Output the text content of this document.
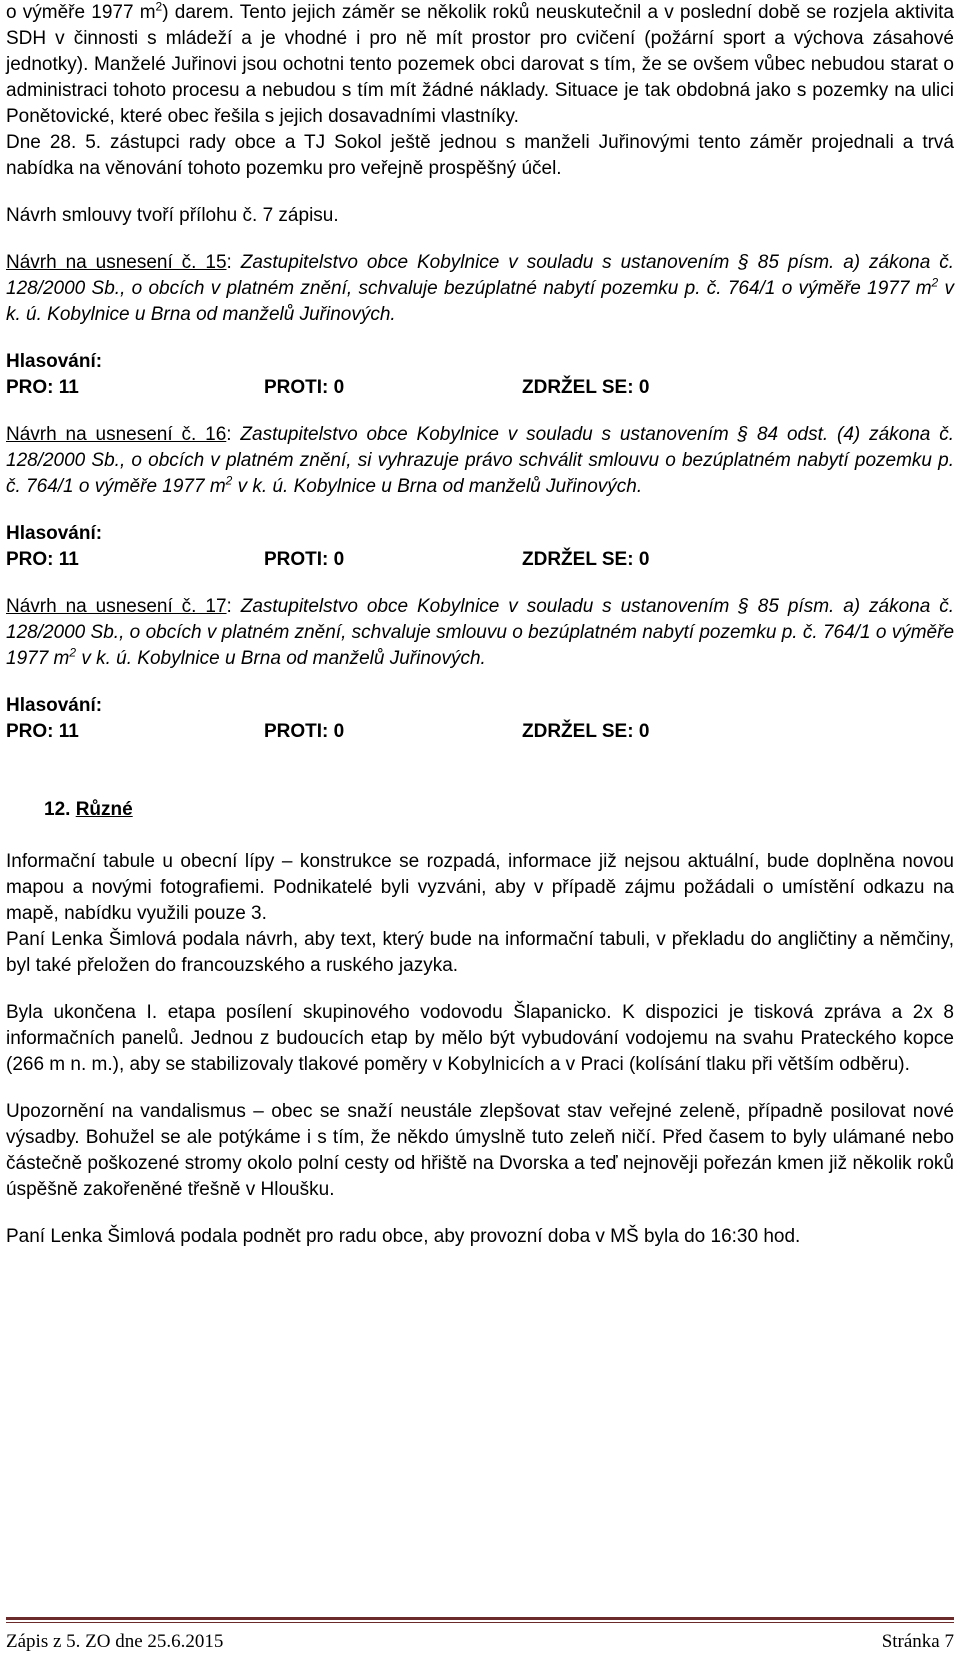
o výměře 1977 $m^2$) darem. Tento jejich záměr se několik roků neuskutečnil a v poslední době se rozjela aktivita SDH v činnosti s mládeží a je vhodné i pro ně mít prostor pro cvičení (požární sport a výchova zásahové jednotky). Manželé Juřinovi jsou ochotni tento pozemek obci darovat s tím, že se ovšem vůbec nebudou starat o administraci tohoto procesu a nebudou s tím mít žádné náklady. Situace je tak obdobná jako s pozemky na ulici Ponětovické, které obec řešila s jejich dosavadními vlastníky.

Dne 28. 5. zástupci rady obce a TJ Sokol ještě jednou s manželi Juřinovými tento záměr projednali a trvá nabídka na věnování tohoto pozemku pro veřejně prospěšný účel.

Návrh smlouvy tvoří přílohu č. 7 zápisu.

Návrh na usnesení č. 15: Zastupitelstvo obce Kobylnice v souladu s ustanovením § 85 písm. a) zákona č. 128/2000 Sb., o obcích v platném znění, schvaluje bezúplatné nabytí pozemku p. č. 764/1 o výměře 1977 $m^2$ v k. ú. Kobylnice u Brna od manželů Juřinových.

Hlasování:
PRO: 11	PROTI: 0	ZDRŽEL SE: 0

Návrh na usnesení č. 16: Zastupitelstvo obce Kobylnice v souladu s ustanovením § 84 odst. (4) zákona č. 128/2000 Sb., o obcích v platném znění, si vyhrazuje právo schválit smlouvu o bezúplatném nabytí pozemku p. č. 764/1 o výměře 1977 $m^2$ v k. ú. Kobylnice u Brna od manželů Juřinových.

Hlasování:
PRO: 11	PROTI: 0	ZDRŽEL SE: 0

Návrh na usnesení č. 17: Zastupitelstvo obce Kobylnice v souladu s ustanovením § 85 písm. a) zákona č. 128/2000 Sb., o obcích v platném znění, schvaluje smlouvu o bezúplatném nabytí pozemku p. č. 764/1 o výměře 1977 $m^2$ v k. ú. Kobylnice u Brna od manželů Juřinových.

Hlasování:
PRO: 11	PROTI: 0	ZDRŽEL SE: 0
12. Různé

Informační tabule u obecní lípy – konstrukce se rozpadá, informace již nejsou aktuální, bude doplněna novou mapou a novými fotografiemi. Podnikatelé byli vyzváni, aby v případě zájmu požádali o umístění odkazu na mapě, nabídku využili pouze 3.

Paní Lenka Šimlová podala návrh, aby text, který bude na informační tabuli, v překladu do angličtiny a němčiny, byl také přeložen do francouzského a ruského jazyka.

Byla ukončena I. etapa posílení skupinového vodovodu Šlapanicko. K dispozici je tisková zpráva a 2x 8 informačních panelů. Jednou z budoucích etap by mělo být vybudování vodojemu na svahu Prateckého kopce (266 m n. m.), aby se stabilizovaly tlakové poměry v Kobylnicích a v Praci (kolísání tlaku při větším odběru).

Upozornění na vandalismus – obec se snaží neustále zlepšovat stav veřejné zeleně, případně posilovat nové výsadby. Bohužel se ale potýkáme i s tím, že někdo úmyslně tuto zeleň ničí. Před časem to byly ulámané nebo částečně poškozené stromy okolo polní cesty od hřiště na Dvorska a teď nejnověji pořezán kmen již několik roků úspěšně zakořeněné třešně v Hloušku.

Paní Lenka Šimlová podala podnět pro radu obce, aby provozní doba v MŠ byla do 16:30 hod.

Zápis z 5. ZO dne 25.6.2015	Stránka 7
